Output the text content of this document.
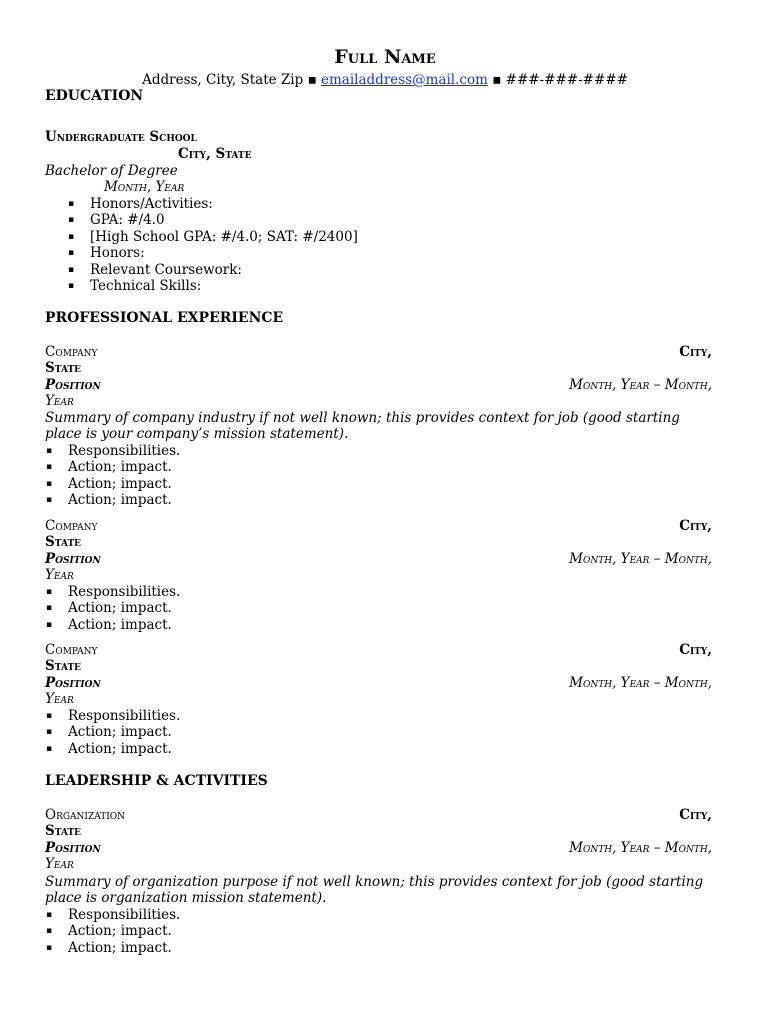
Full Name
Address, City, State Zip ▪ emailaddress@mail.com ▪ ###-###-####
EDUCATION
Undergraduate School
City, State
Bachelor of Degree
Month, Year
▪ Honors/Activities:
▪ GPA: #/4.0
▪ [High School GPA: #/4.0; SAT: #/2400]
▪ Honors:
▪ Relevant Coursework:
▪ Technical Skills:
PROFESSIONAL EXPERIENCE
Company	City,
State
Position	Month, Year – Month,
Year
Summary of company industry if not well known; this provides context for job (good starting
place is your company’s mission statement).
▪ Responsibilities.
▪ Action; impact.
▪ Action; impact.
▪ Action; impact.
Company	City,
State
Position	Month, Year – Month,
Year
▪ Responsibilities.
▪ Action; impact.
▪ Action; impact.
Company	City,
State
Position	Month, Year – Month,
Year
▪ Responsibilities.
▪ Action; impact.
▪ Action; impact.
LEADERSHIP & ACTIVITIES
Organization	City,
State
Position	Month, Year – Month,
Year
Summary of organization purpose if not well known; this provides context for job (good starting
place is organization mission statement).
▪ Responsibilities.
▪ Action; impact.
▪ Action; impact.
